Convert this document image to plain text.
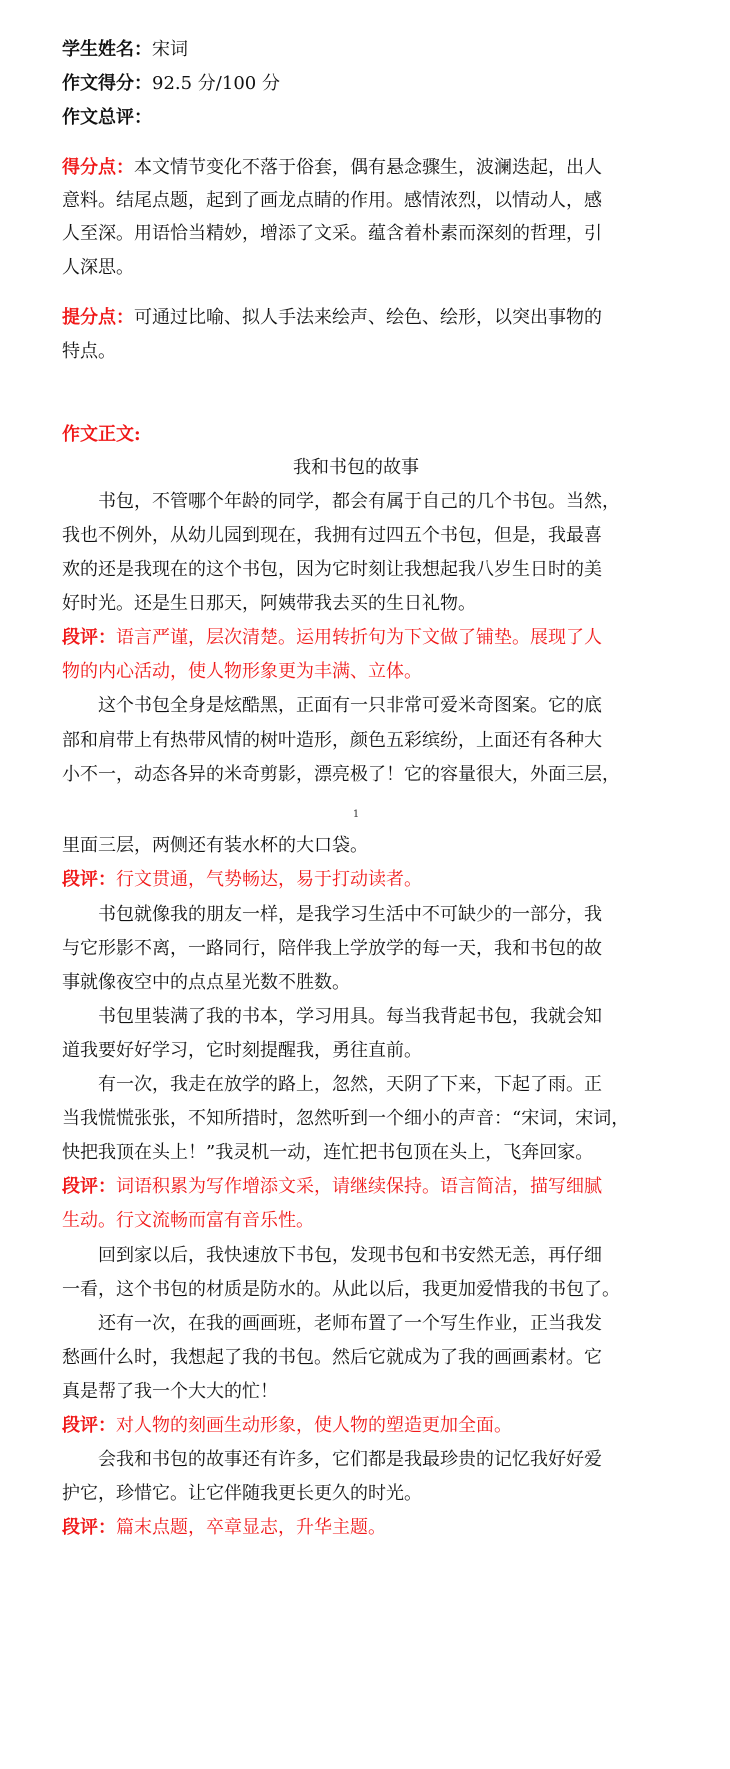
学生姓名：宋词
作文得分：92.5 分/100 分
作文总评：
得分点：本文情节变化不落于俗套，偶有悬念骤生，波澜迭起，出人
意料。结尾点题，起到了画龙点睛的作用。感情浓烈，以情动人，感
人至深。用语恰当精妙，增添了文采。蕴含着朴素而深刻的哲理，引
人深思。
提分点：可通过比喻、拟人手法来绘声、绘色、绘形，以突出事物的
特点。
作文正文:
我和书包的故事
书包，不管哪个年龄的同学，都会有属于自己的几个书包。当然，
我也不例外，从幼儿园到现在，我拥有过四五个书包，但是，我最喜
欢的还是我现在的这个书包，因为它时刻让我想起我八岁生日时的美
好时光。还是生日那天，阿姨带我去买的生日礼物。
段评：语言严谨，层次清楚。运用转折句为下文做了铺垫。展现了人
物的内心活动，使人物形象更为丰满、立体。
这个书包全身是炫酷黑，正面有一只非常可爱米奇图案。它的底
部和肩带上有热带风情的树叶造形，颜色五彩缤纷，上面还有各种大
小不一，动态各异的米奇剪影，漂亮极了！它的容量很大，外面三层，
1
里面三层，两侧还有装水杯的大口袋。
段评：行文贯通，气势畅达，易于打动读者。
书包就像我的朋友一样，是我学习生活中不可缺少的一部分，我
与它形影不离，一路同行，陪伴我上学放学的每一天，我和书包的故
事就像夜空中的点点星光数不胜数。
书包里装满了我的书本，学习用具。每当我背起书包，我就会知
道我要好好学习，它时刻提醒我，勇往直前。
有一次，我走在放学的路上，忽然，天阴了下来，下起了雨。正
当我慌慌张张，不知所措时，忽然听到一个细小的声音：“宋词，宋词，
快把我顶在头上！”我灵机一动，连忙把书包顶在头上，飞奔回家。
段评：词语积累为写作增添文采，请继续保持。语言简洁，描写细腻
生动。行文流畅而富有音乐性。
回到家以后，我快速放下书包，发现书包和书安然无恙，再仔细
一看，这个书包的材质是防水的。从此以后，我更加爱惜我的书包了。
还有一次，在我的画画班，老师布置了一个写生作业，正当我发
愁画什么时，我想起了我的书包。然后它就成为了我的画画素材。它
真是帮了我一个大大的忙！
段评：对人物的刻画生动形象，使人物的塑造更加全面。
会我和书包的故事还有许多，它们都是我最珍贵的记忆我好好爱
护它，珍惜它。让它伴随我更长更久的时光。
段评：篇末点题，卒章显志，升华主题。
